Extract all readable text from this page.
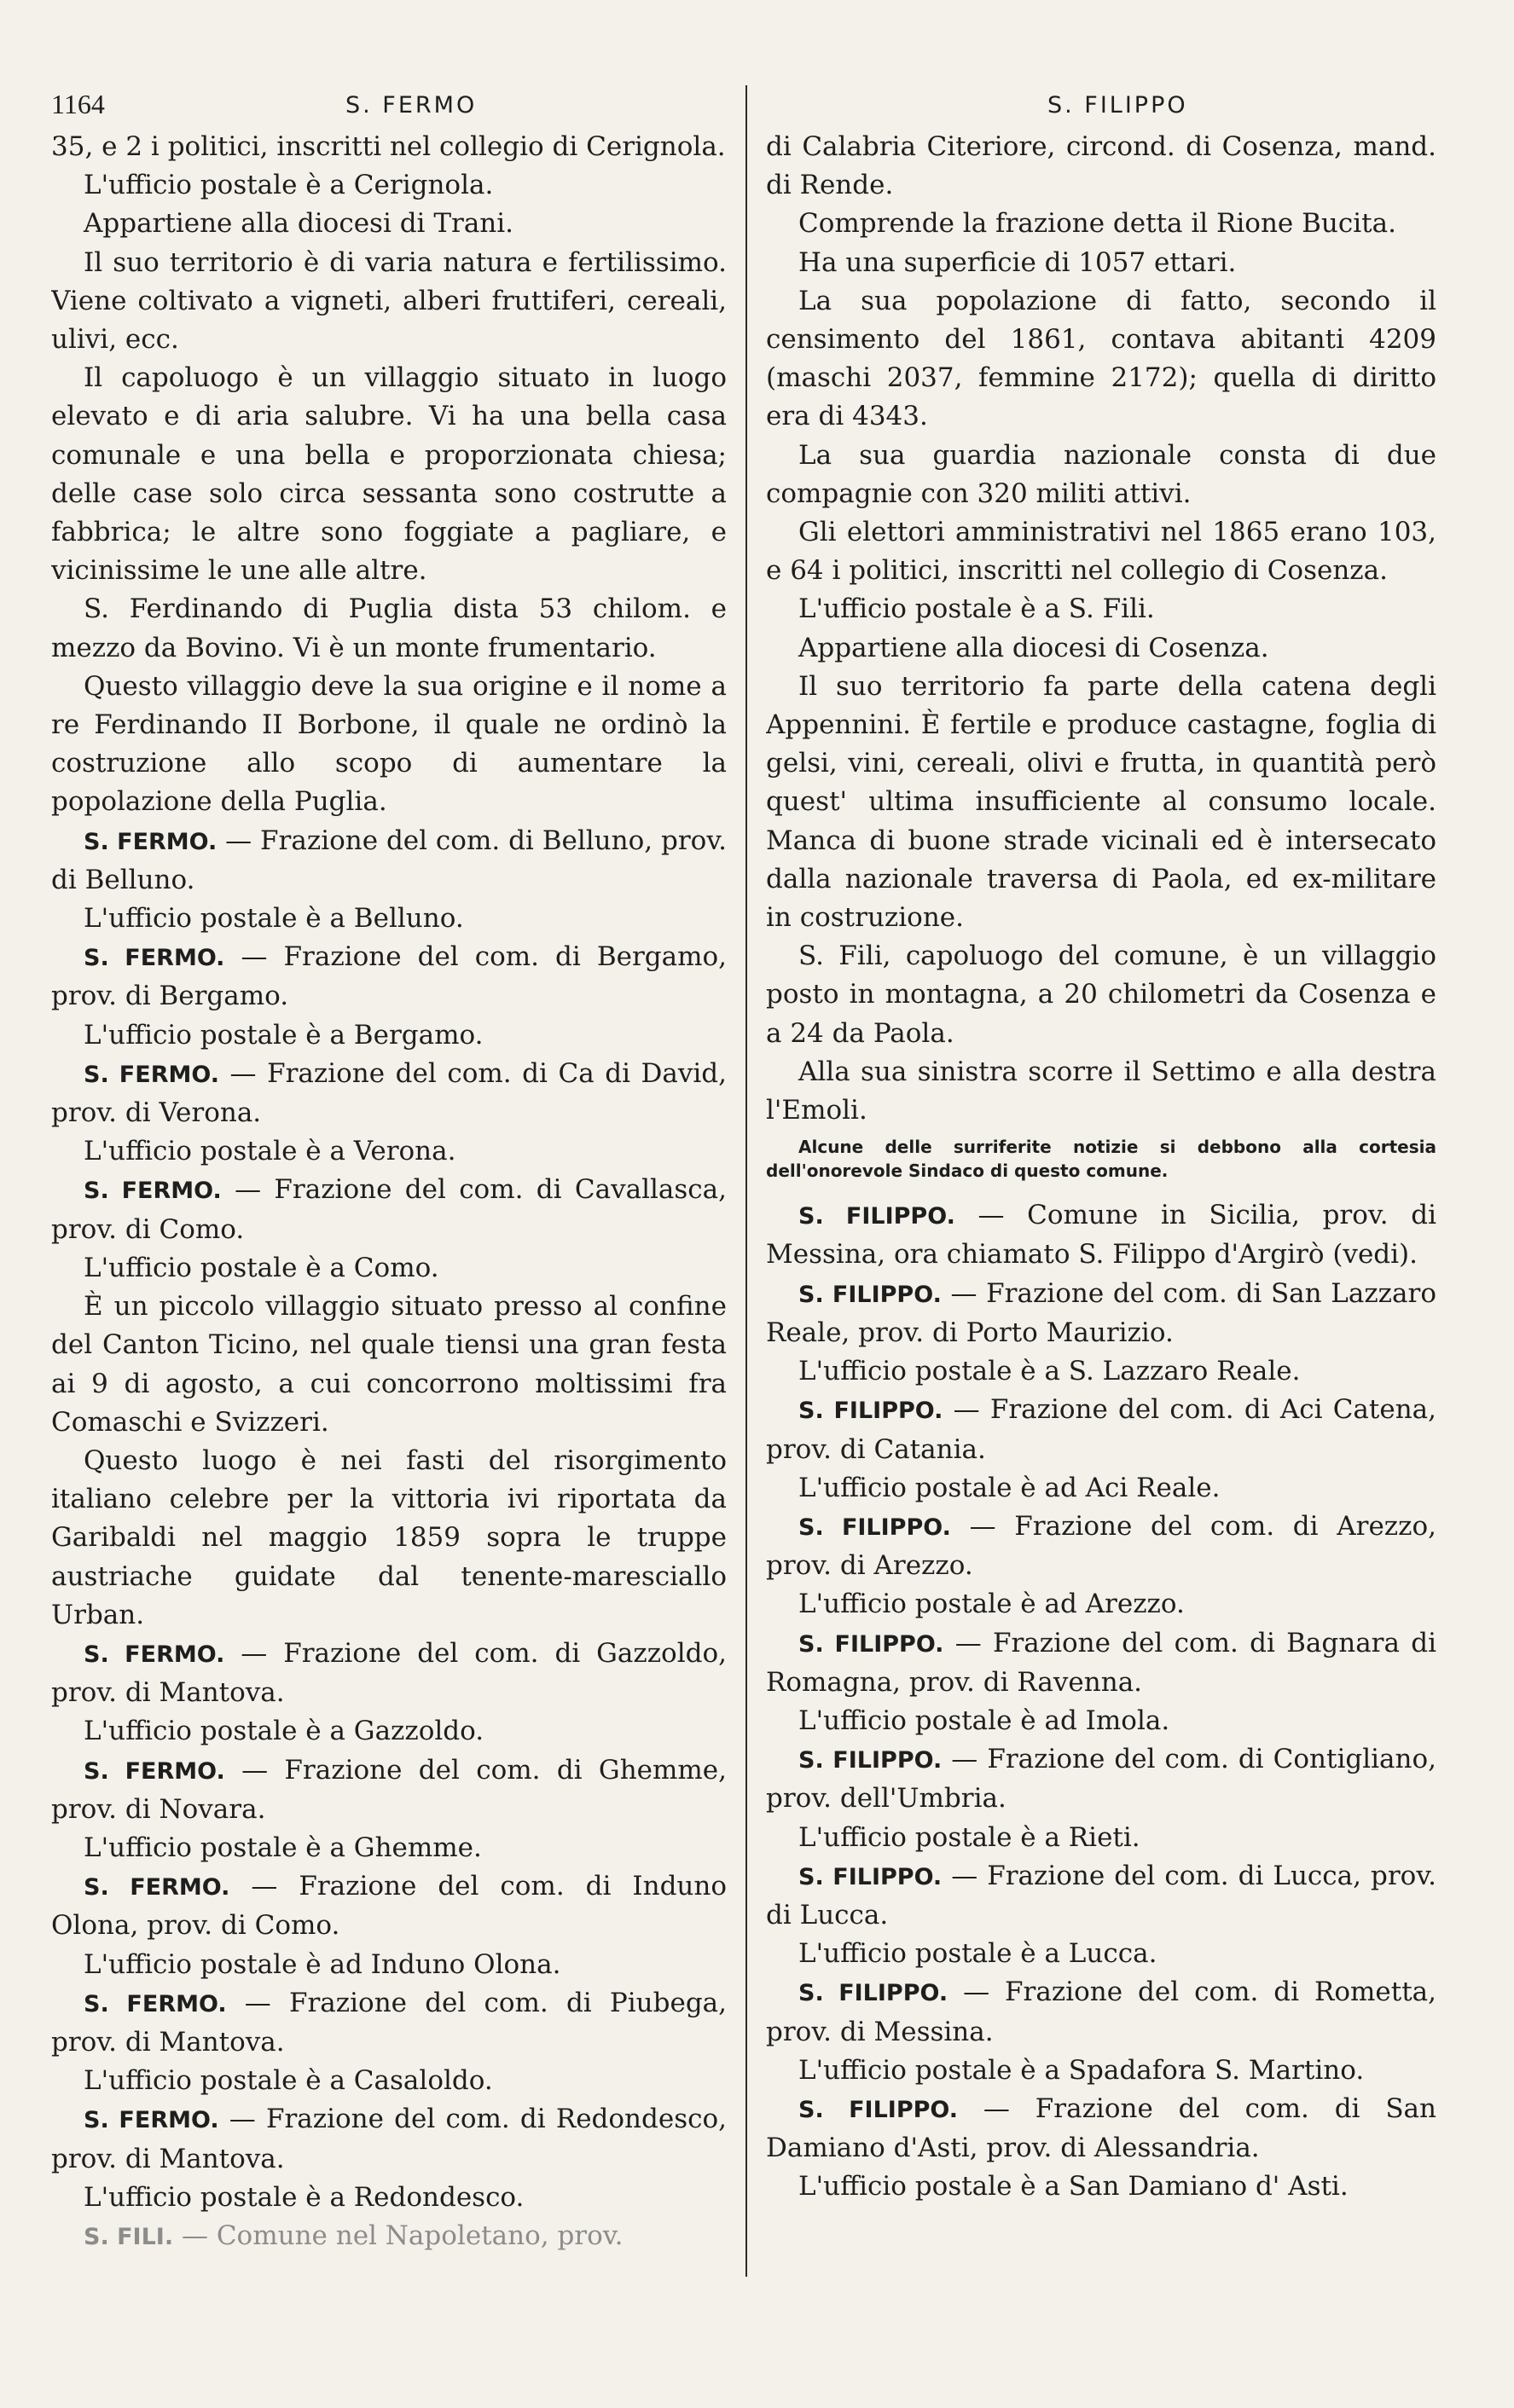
1164	S. FERMO	S. FILIPPO

35, e 2 i politici, inscritti nel collegio di Cerignola.

L'ufficio postale è a Cerignola.

Appartiene alla diocesi di Trani.

Il suo territorio è di varia natura e fertilissimo. Viene coltivato a vigneti, alberi fruttiferi, cereali, ulivi, ecc.

Il capoluogo è un villaggio situato in luogo elevato e di aria salubre. Vi ha una bella casa comunale e una bella e proporzionata chiesa; delle case solo circa sessanta sono costrutte a fabbrica; le altre sono foggiate a pagliare, e vicinissime le une alle altre.

S. Ferdinando di Puglia dista 53 chilom. e mezzo da Bovino. Vi è un monte frumentario.

Questo villaggio deve la sua origine e il nome a re Ferdinando II Borbone, il quale ne ordinò la costruzione allo scopo di aumentare la popolazione della Puglia.

S. FERMO. — Frazione del com. di Belluno, prov. di Belluno.

L'ufficio postale è a Belluno.

S. FERMO. — Frazione del com. di Bergamo, prov. di Bergamo.

L'ufficio postale è a Bergamo.

S. FERMO. — Frazione del com. di Ca di David, prov. di Verona.

L'ufficio postale è a Verona.

S. FERMO. — Frazione del com. di Cavallasca, prov. di Como.

L'ufficio postale è a Como.

È un piccolo villaggio situato presso al confine del Canton Ticino, nel quale tiensi una gran festa ai 9 di agosto, a cui concorrono moltissimi fra Comaschi e Svizzeri.

Questo luogo è nei fasti del risorgimento italiano celebre per la vittoria ivi riportata da Garibaldi nel maggio 1859 sopra le truppe austriache guidate dal tenente-maresciallo Urban.

S. FERMO. — Frazione del com. di Gazzoldo, prov. di Mantova.

L'ufficio postale è a Gazzoldo.

S. FERMO. — Frazione del com. di Ghemme, prov. di Novara.

L'ufficio postale è a Ghemme.

S. FERMO. — Frazione del com. di Induno Olona, prov. di Como.

L'ufficio postale è ad Induno Olona.

S. FERMO. — Frazione del com. di Piubega, prov. di Mantova.

L'ufficio postale è a Casaloldo.

S. FERMO. — Frazione del com. di Redondesco, prov. di Mantova.

L'ufficio postale è a Redondesco.

S. FILI. — Comune nel Napoletano, prov.

di Calabria Citeriore, circond. di Cosenza, mand. di Rende.

Comprende la frazione detta il Rione Bucita.

Ha una superficie di 1057 ettari.

La sua popolazione di fatto, secondo il censimento del 1861, contava abitanti 4209 (maschi 2037, femmine 2172); quella di diritto era di 4343.

La sua guardia nazionale consta di due compagnie con 320 militi attivi.

Gli elettori amministrativi nel 1865 erano 103, e 64 i politici, inscritti nel collegio di Cosenza.

L'ufficio postale è a S. Fili.

Appartiene alla diocesi di Cosenza.

Il suo territorio fa parte della catena degli Appennini. È fertile e produce castagne, foglia di gelsi, vini, cereali, olivi e frutta, in quantità però quest' ultima insufficiente al consumo locale. Manca di buone strade vicinali ed è intersecato dalla nazionale traversa di Paola, ed ex-militare in costruzione.

S. Fili, capoluogo del comune, è un villaggio posto in montagna, a 20 chilometri da Cosenza e a 24 da Paola.

Alla sua sinistra scorre il Settimo e alla destra l'Emoli.

Alcune delle surriferite notizie si debbono alla cortesia dell'onorevole Sindaco di questo comune.

S. FILIPPO. — Comune in Sicilia, prov. di Messina, ora chiamato S. Filippo d'Argirò (vedi).

S. FILIPPO. — Frazione del com. di San Lazzaro Reale, prov. di Porto Maurizio.

L'ufficio postale è a S. Lazzaro Reale.

S. FILIPPO. — Frazione del com. di Aci Catena, prov. di Catania.

L'ufficio postale è ad Aci Reale.

S. FILIPPO. — Frazione del com. di Arezzo, prov. di Arezzo.

L'ufficio postale è ad Arezzo.

S. FILIPPO. — Frazione del com. di Bagnara di Romagna, prov. di Ravenna.

L'ufficio postale è ad Imola.

S. FILIPPO. — Frazione del com. di Contigliano, prov. dell'Umbria.

L'ufficio postale è a Rieti.

S. FILIPPO. — Frazione del com. di Lucca, prov. di Lucca.

L'ufficio postale è a Lucca.

S. FILIPPO. — Frazione del com. di Rometta, prov. di Messina.

L'ufficio postale è a Spadafora S. Martino.

S. FILIPPO. — Frazione del com. di San Damiano d'Asti, prov. di Alessandria.

L'ufficio postale è a San Damiano d' Asti.
